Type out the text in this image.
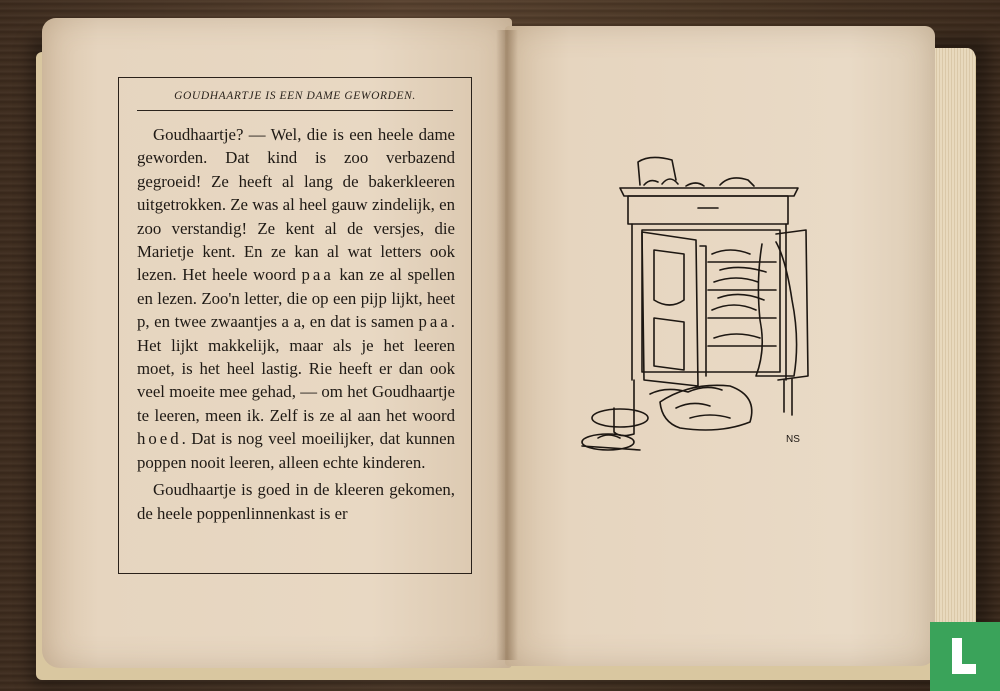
GOUDHAARTJE IS EEN DAME GEWORDEN.

Goudhaartje? — Wel, die is een heele dame geworden. Dat kind is zoo verbazend gegroeid! Ze heeft al lang de bakerkleeren uitgetrokken. Ze was al heel gauw zindelijk, en zoo verstandig! Ze kent al de versjes, die Marietje kent. En ze kan al wat letters ook lezen. Het heele woord paa kan ze al spellen en lezen. Zoo'n letter, die op een pijp lijkt, heet p, en twee zwaantjes a a, en dat is samen paa. Het lijkt makkelijk, maar als je het leeren moet, is het heel lastig. Rie heeft er dan ook veel moeite mee gehad, — om het Goudhaartje te leeren, meen ik. Zelf is ze al aan het woord hoed. Dat is nog veel moeilijker, dat kunnen poppen nooit leeren, alleen echte kinderen.

Goudhaartje is goed in de kleeren gekomen, de heele poppenlinnenkast is er

NS
